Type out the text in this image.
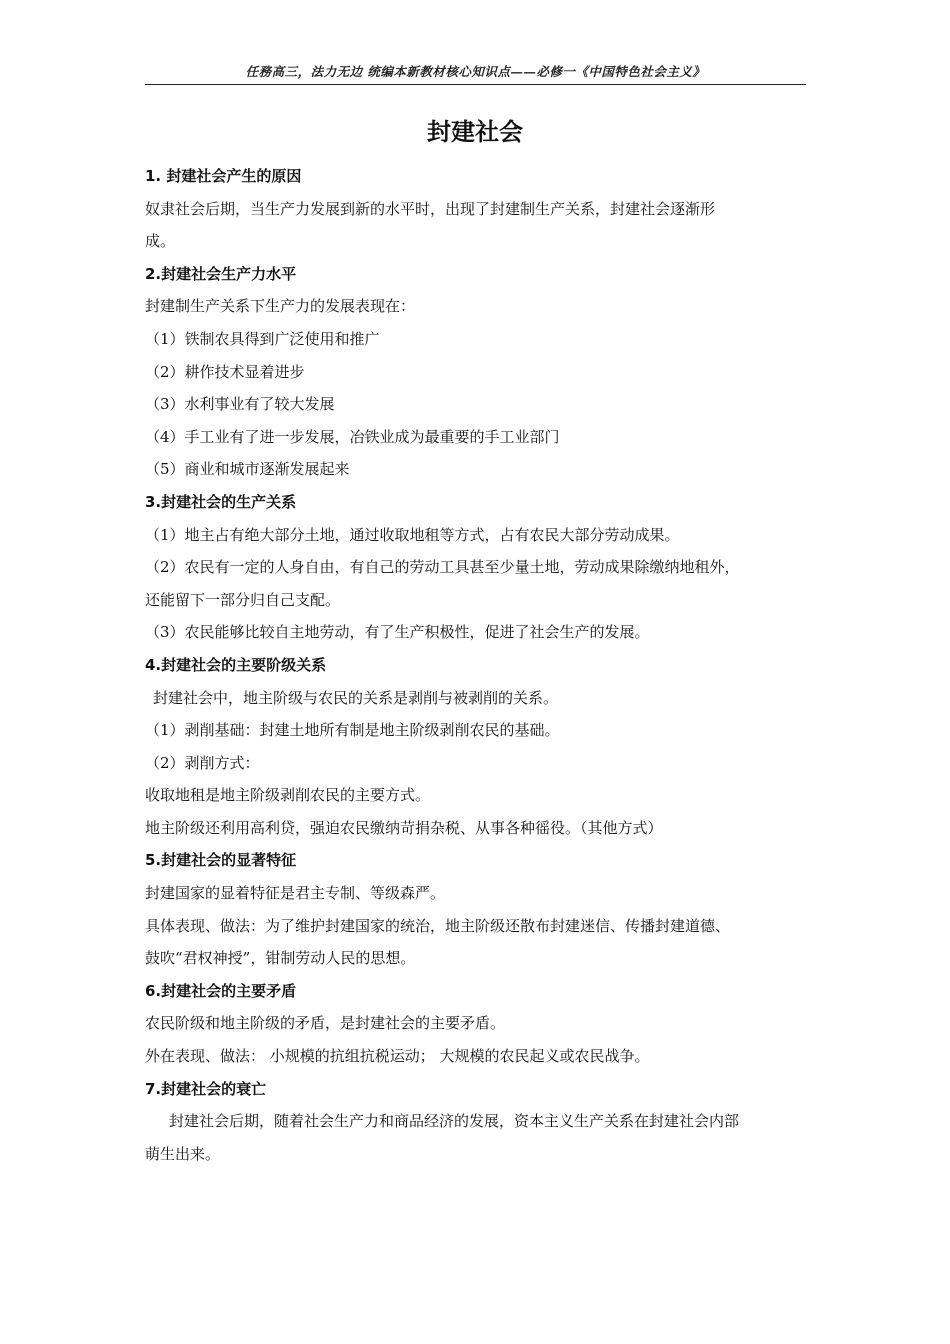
任務高三，法力无边 统编本新教材核心知识点——必修一《中国特色社会主义》
封建社会
1. 封建社会产生的原因
奴隶社会后期，当生产力发展到新的水平时，出现了封建制生产关系，封建社会逐渐形
成。
2.封建社会生产力水平
封建制生产关系下生产力的发展表现在：
（1）铁制农具得到广泛使用和推广
（2）耕作技术显着进步
（3）水利事业有了较大发展
（4）手工业有了进一步发展，冶铁业成为最重要的手工业部门
（5）商业和城市逐渐发展起来
3.封建社会的生产关系
（1）地主占有绝大部分土地，通过收取地租等方式，占有农民大部分劳动成果。
（2）农民有一定的人身自由，有自己的劳动工具甚至少量土地，劳动成果除缴纳地租外，
还能留下一部分归自己支配。
（3）农民能够比较自主地劳动，有了生产积极性，促进了社会生产的发展。
4.封建社会的主要阶级关系
封建社会中，地主阶级与农民的关系是剥削与被剥削的关系。
（1）剥削基础：封建土地所有制是地主阶级剥削农民的基础。
（2）剥削方式：
收取地租是地主阶级剥削农民的主要方式。
地主阶级还利用高利贷，强迫农民缴纳苛捐杂税、从事各种徭役。（其他方式）
5.封建社会的显著特征
封建国家的显着特征是君主专制、等级森严。
具体表现、做法：为了维护封建国家的统治，地主阶级还散布封建迷信、传播封建道德、
鼓吹“君权神授”，钳制劳动人民的思想。
6.封建社会的主要矛盾
农民阶级和地主阶级的矛盾，是封建社会的主要矛盾。
外在表现、做法： 小规模的抗组抗税运动； 大规模的农民起义或农民战争。
7.封建社会的衰亡
封建社会后期，随着社会生产力和商品经济的发展，资本主义生产关系在封建社会内部
萌生出来。
